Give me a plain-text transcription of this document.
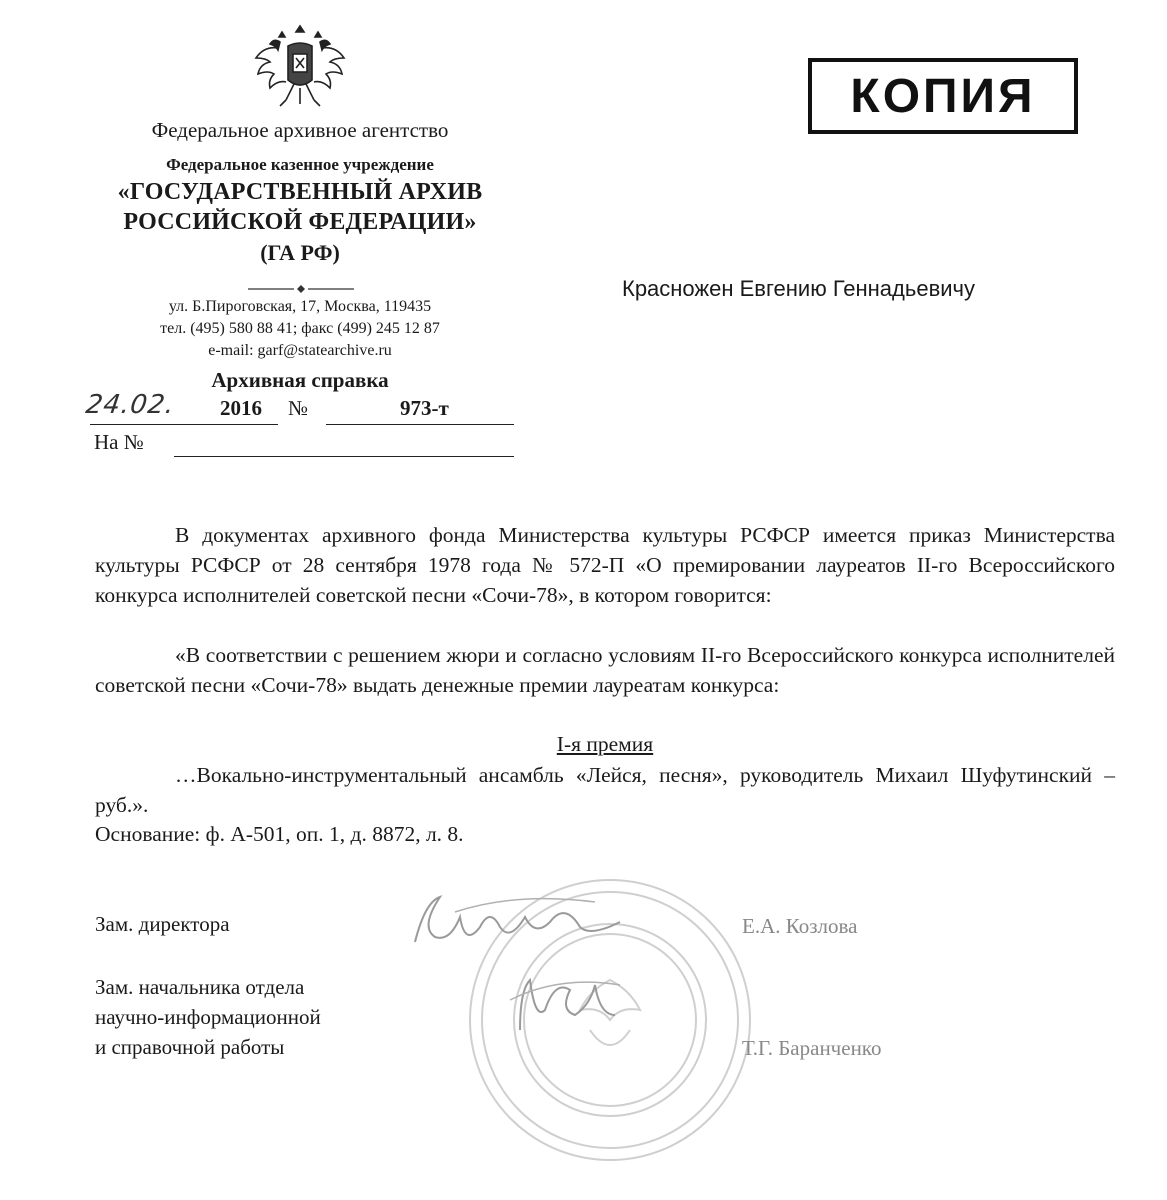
Федеральное архивное агентство
Федеральное казенное учреждение
«ГОСУДАРСТВЕННЫЙ АРХИВ
РОССИЙСКОЙ ФЕДЕРАЦИИ»
(ГА РФ)
ул. Б.Пироговская, 17, Москва, 119435
тел. (495) 580 88 41; факс (499) 245 12 87
e-mail: garf@statearchive.ru
Архивная справка
24.02.	2016 №	973-т
На №
КОПИЯ
Красножен Евгению Геннадьевичу

В документах архивного фонда Министерства культуры РСФСР имеется приказ Министерства культуры РСФСР от 28 сентября 1978 года № 572-П «О премировании лауреатов II-го Всероссийского конкурса исполнителей советской песни «Сочи-78», в котором говорится:

«В соответствии с решением жюри и согласно условиям II-го Всероссийского конкурса исполнителей советской песни «Сочи-78» выдать денежные премии лауреатам конкурса:

I-я премия

…Вокально-инструментальный ансамбль «Лейся, песня», руководитель Михаил Шуфутинский –        руб.».

Основание: ф. А-501, оп. 1, д. 8872, л. 8.
Зам. директора	Е.А. Козлова
Зам. начальника отдела
научно-информационной
и справочной работы	Т.Г. Баранченко
